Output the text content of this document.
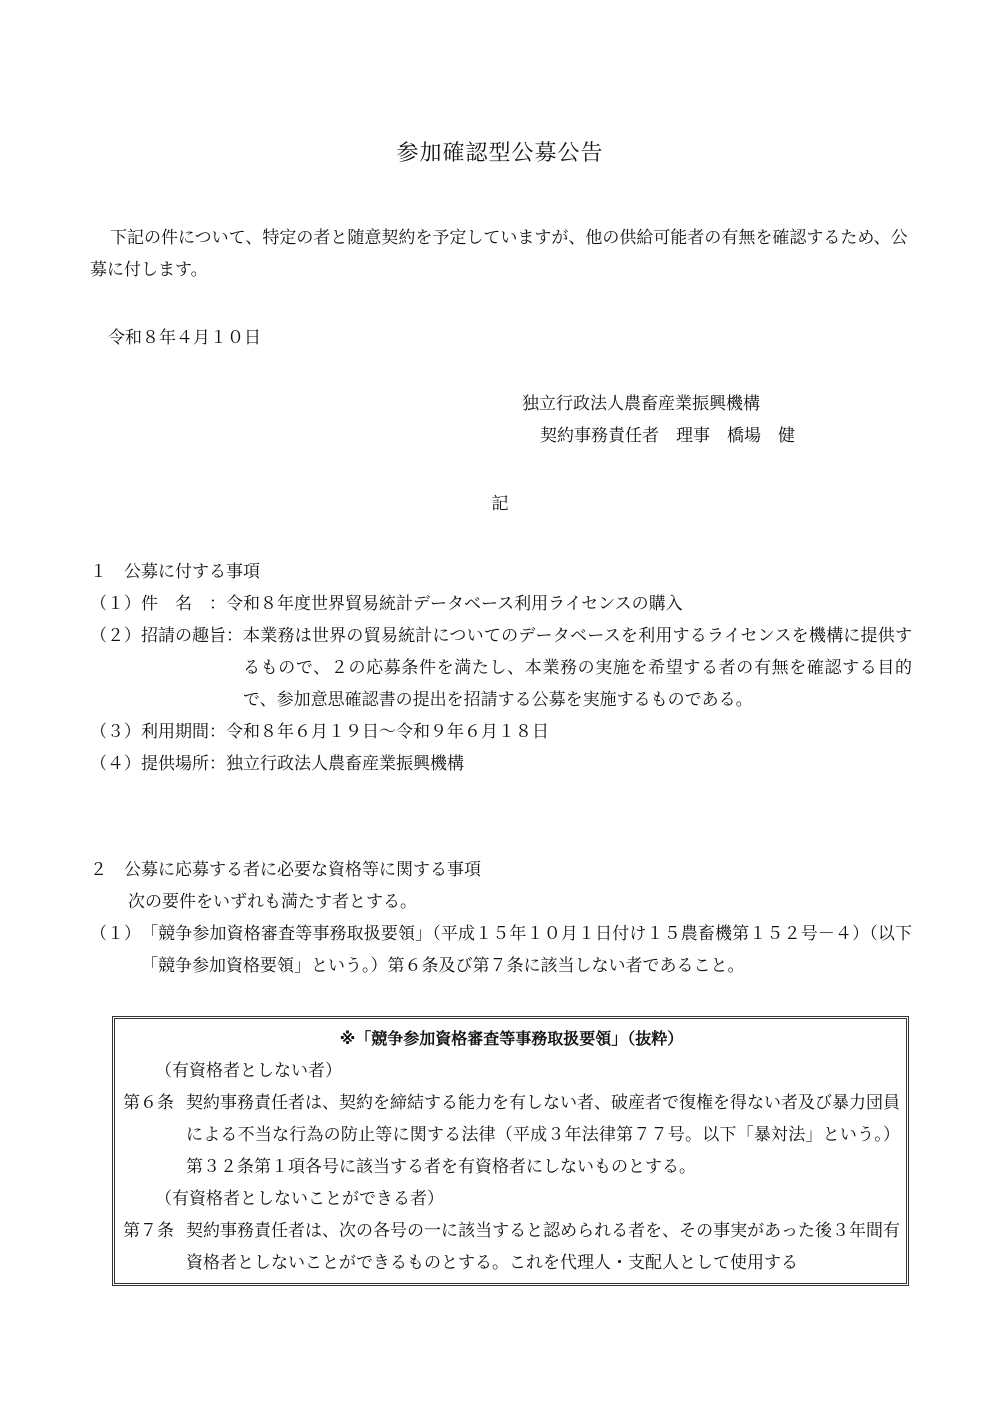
参加確認型公募公告

下記の件について、特定の者と随意契約を予定していますが、他の供給可能者の有無を確認するため、公募に付します。

令和８年４月１０日
独立行政法人農畜産業振興機構
契約事務責任者　理事　橋場　健
記
１　公募に付する事項
（１） 件　名　： 令和８年度世界貿易統計データベース利用ライセンスの購入
（２） 招請の趣旨： 本業務は世界の貿易統計についてのデータベースを利用するライセンスを機構に提供するもので、２の応募条件を満たし、本業務の実施を希望する者の有無を確認する目的で、参加意思確認書の提出を招請する公募を実施するものである。
（３） 利用期間： 令和８年６月１９日～令和９年６月１８日
（４） 提供場所： 独立行政法人農畜産業振興機構
２　公募に応募する者に必要な資格等に関する事項
次の要件をいずれも満たす者とする。
（１） 「競争参加資格審査等事務取扱要領」（平成１５年１０月１日付け１５農畜機第１５２号－４）（以下「競争参加資格要領」という。）第６条及び第７条に該当しない者であること。
※「競争参加資格審査等事務取扱要領」（抜粋）
（有資格者としない者）
第６条 契約事務責任者は、契約を締結する能力を有しない者、破産者で復権を得ない者及び暴力団員による不当な行為の防止等に関する法律（平成３年法律第７７号。以下「暴対法」という。）第３２条第１項各号に該当する者を有資格者にしないものとする。
（有資格者としないことができる者）
第７条 契約事務責任者は、次の各号の一に該当すると認められる者を、その事実があった後３年間有資格者としないことができるものとする。これを代理人・支配人として使用する
